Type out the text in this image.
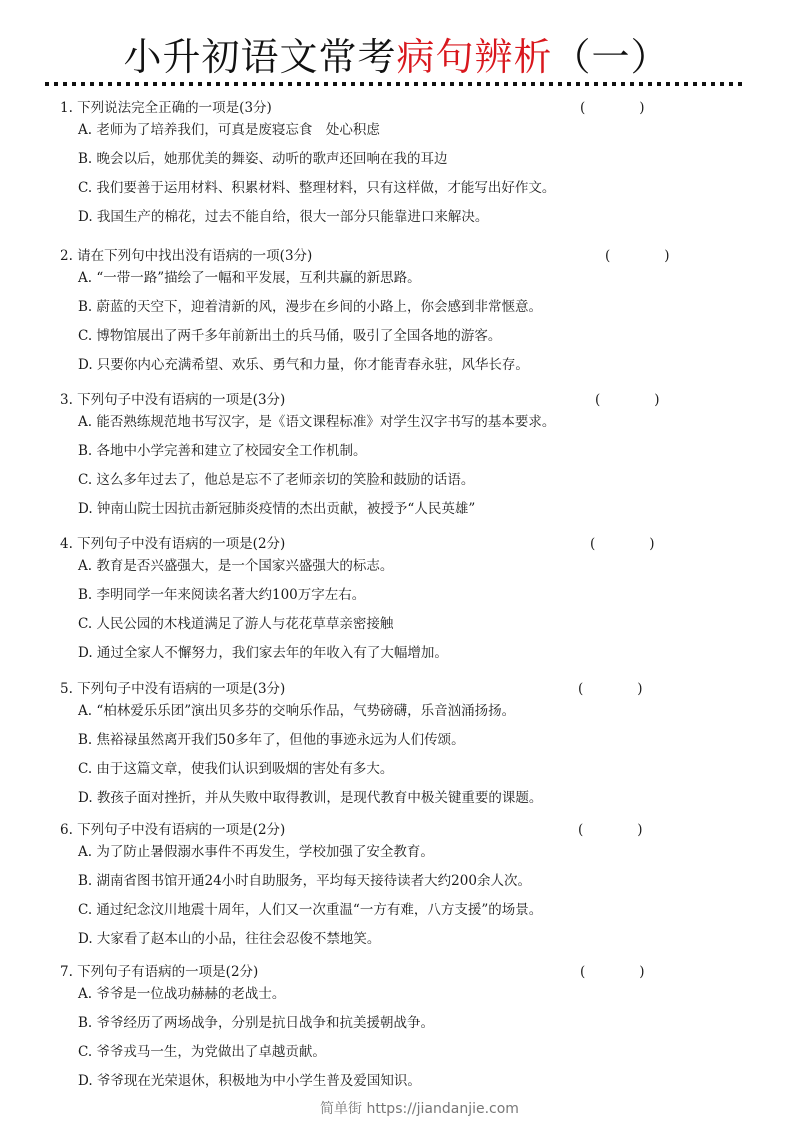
小升初语文常考病句辨析（一）
1. 下列说法完全正确的一项是(3分)	(　　　　)
A. 老师为了培养我们，可真是废寝忘食　处心积虑
B. 晚会以后，她那优美的舞姿、动听的歌声还回响在我的耳边
C. 我们要善于运用材料、积累材料、整理材料，只有这样做，才能写出好作文。
D. 我国生产的棉花，过去不能自给，很大一部分只能靠进口来解决。
2. 请在下列句中找出没有语病的一项(3分)	(　　　　)
A. “一带一路”描绘了一幅和平发展，互利共赢的新思路。
B. 蔚蓝的天空下，迎着清新的风，漫步在乡间的小路上，你会感到非常惬意。
C. 博物馆展出了两千多年前新出土的兵马俑，吸引了全国各地的游客。
D. 只要你内心充满希望、欢乐、勇气和力量，你才能青春永驻，风华长存。
3. 下列句子中没有语病的一项是(3分)	(　　　　)
A. 能否熟练规范地书写汉字，是《语文课程标准》对学生汉字书写的基本要求。
B. 各地中小学完善和建立了校园安全工作机制。
C. 这么多年过去了，他总是忘不了老师亲切的笑脸和鼓励的话语。
D. 钟南山院士因抗击新冠肺炎疫情的杰出贡献，被授予“人民英雄”
4. 下列句子中没有语病的一项是(2分)	(　　　　)
A. 教育是否兴盛强大，是一个国家兴盛强大的标志。
B. 李明同学一年来阅读名著大约100万字左右。
C. 人民公园的木栈道满足了游人与花花草草亲密接触
D. 通过全家人不懈努力，我们家去年的年收入有了大幅增加。
5. 下列句子中没有语病的一项是(3分)	(　　　　)
A. “柏林爱乐乐团”演出贝多芬的交响乐作品，气势磅礴，乐音汹涌扬扬。
B. 焦裕禄虽然离开我们50多年了，但他的事迹永远为人们传颂。
C. 由于这篇文章，使我们认识到吸烟的害处有多大。
D. 教孩子面对挫折，并从失败中取得教训，是现代教育中极关键重要的课题。
6. 下列句子中没有语病的一项是(2分)	(　　　　)
A. 为了防止暑假溺水事件不再发生，学校加强了安全教育。
B. 湖南省图书馆开通24小时自助服务，平均每天接待读者大约200余人次。
C. 通过纪念汶川地震十周年，人们又一次重温“一方有难，八方支援”的场景。
D. 大家看了赵本山的小品，往往会忍俊不禁地笑。
7. 下列句子有语病的一项是(2分)	(　　　　)
A. 爷爷是一位战功赫赫的老战士。
B. 爷爷经历了两场战争，分别是抗日战争和抗美援朝战争。
C. 爷爷戎马一生，为党做出了卓越贡献。
D. 爷爷现在光荣退休，积极地为中小学生普及爱国知识。
简单街 https://jiandanjie.com
